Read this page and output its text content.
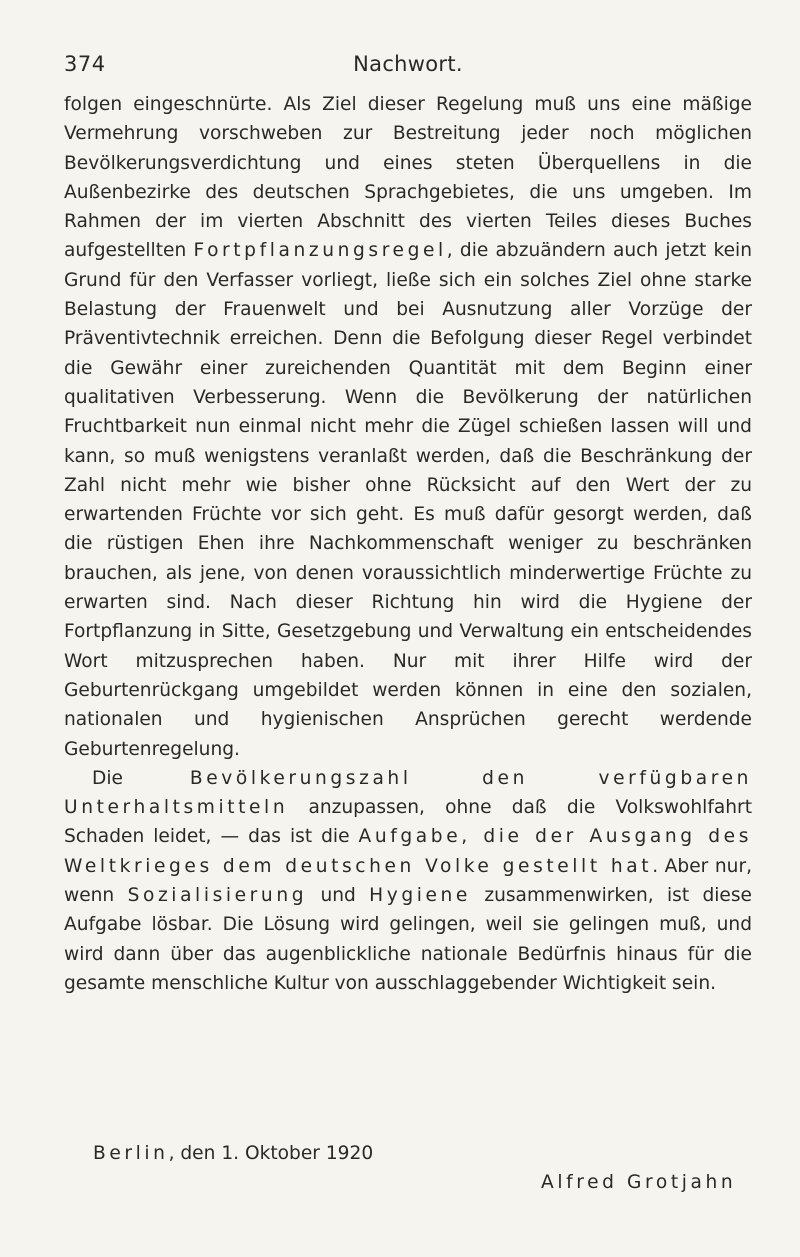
374	Nachwort.

folgen eingeschnürte. Als Ziel dieser Regelung muß uns eine mäßige Vermehrung vorschweben zur Bestreitung jeder noch möglichen Bevölkerungsverdichtung und eines steten Überquellens in die Außenbezirke des deutschen Sprachgebietes, die uns umgeben. Im Rahmen der im vierten Abschnitt des vierten Teiles dieses Buches aufgestellten Fortpflanzungsregel, die abzuändern auch jetzt kein Grund für den Verfasser vorliegt, ließe sich ein solches Ziel ohne starke Belastung der Frauenwelt und bei Ausnutzung aller Vorzüge der Präventivtechnik erreichen. Denn die Befolgung dieser Regel verbindet die Gewähr einer zureichenden Quantität mit dem Beginn einer qualitativen Verbesserung. Wenn die Bevölkerung der natürlichen Fruchtbarkeit nun einmal nicht mehr die Zügel schießen lassen will und kann, so muß wenigstens veranlaßt werden, daß die Beschränkung der Zahl nicht mehr wie bisher ohne Rücksicht auf den Wert der zu erwartenden Früchte vor sich geht. Es muß dafür gesorgt werden, daß die rüstigen Ehen ihre Nachkommenschaft weniger zu beschränken brauchen, als jene, von denen voraussichtlich minderwertige Früchte zu erwarten sind. Nach dieser Richtung hin wird die Hygiene der Fortpflanzung in Sitte, Gesetzgebung und Verwaltung ein entscheidendes Wort mitzusprechen haben. Nur mit ihrer Hilfe wird der Geburtenrückgang umgebildet werden können in eine den sozialen, nationalen und hygienischen Ansprüchen gerecht werdende Geburtenregelung.

Die Bevölkerungszahl den verfügbaren Unterhaltsmitteln anzupassen, ohne daß die Volkswohlfahrt Schaden leidet, — das ist die Aufgabe, die der Ausgang des Weltkrieges dem deutschen Volke gestellt hat. Aber nur, wenn Sozialisierung und Hygiene zusammenwirken, ist diese Aufgabe lösbar. Die Lösung wird gelingen, weil sie gelingen muß, und wird dann über das augenblickliche nationale Bedürfnis hinaus für die gesamte menschliche Kultur von ausschlaggebender Wichtigkeit sein.

Berlin, den 1. Oktober 1920
Alfred Grotjahn
